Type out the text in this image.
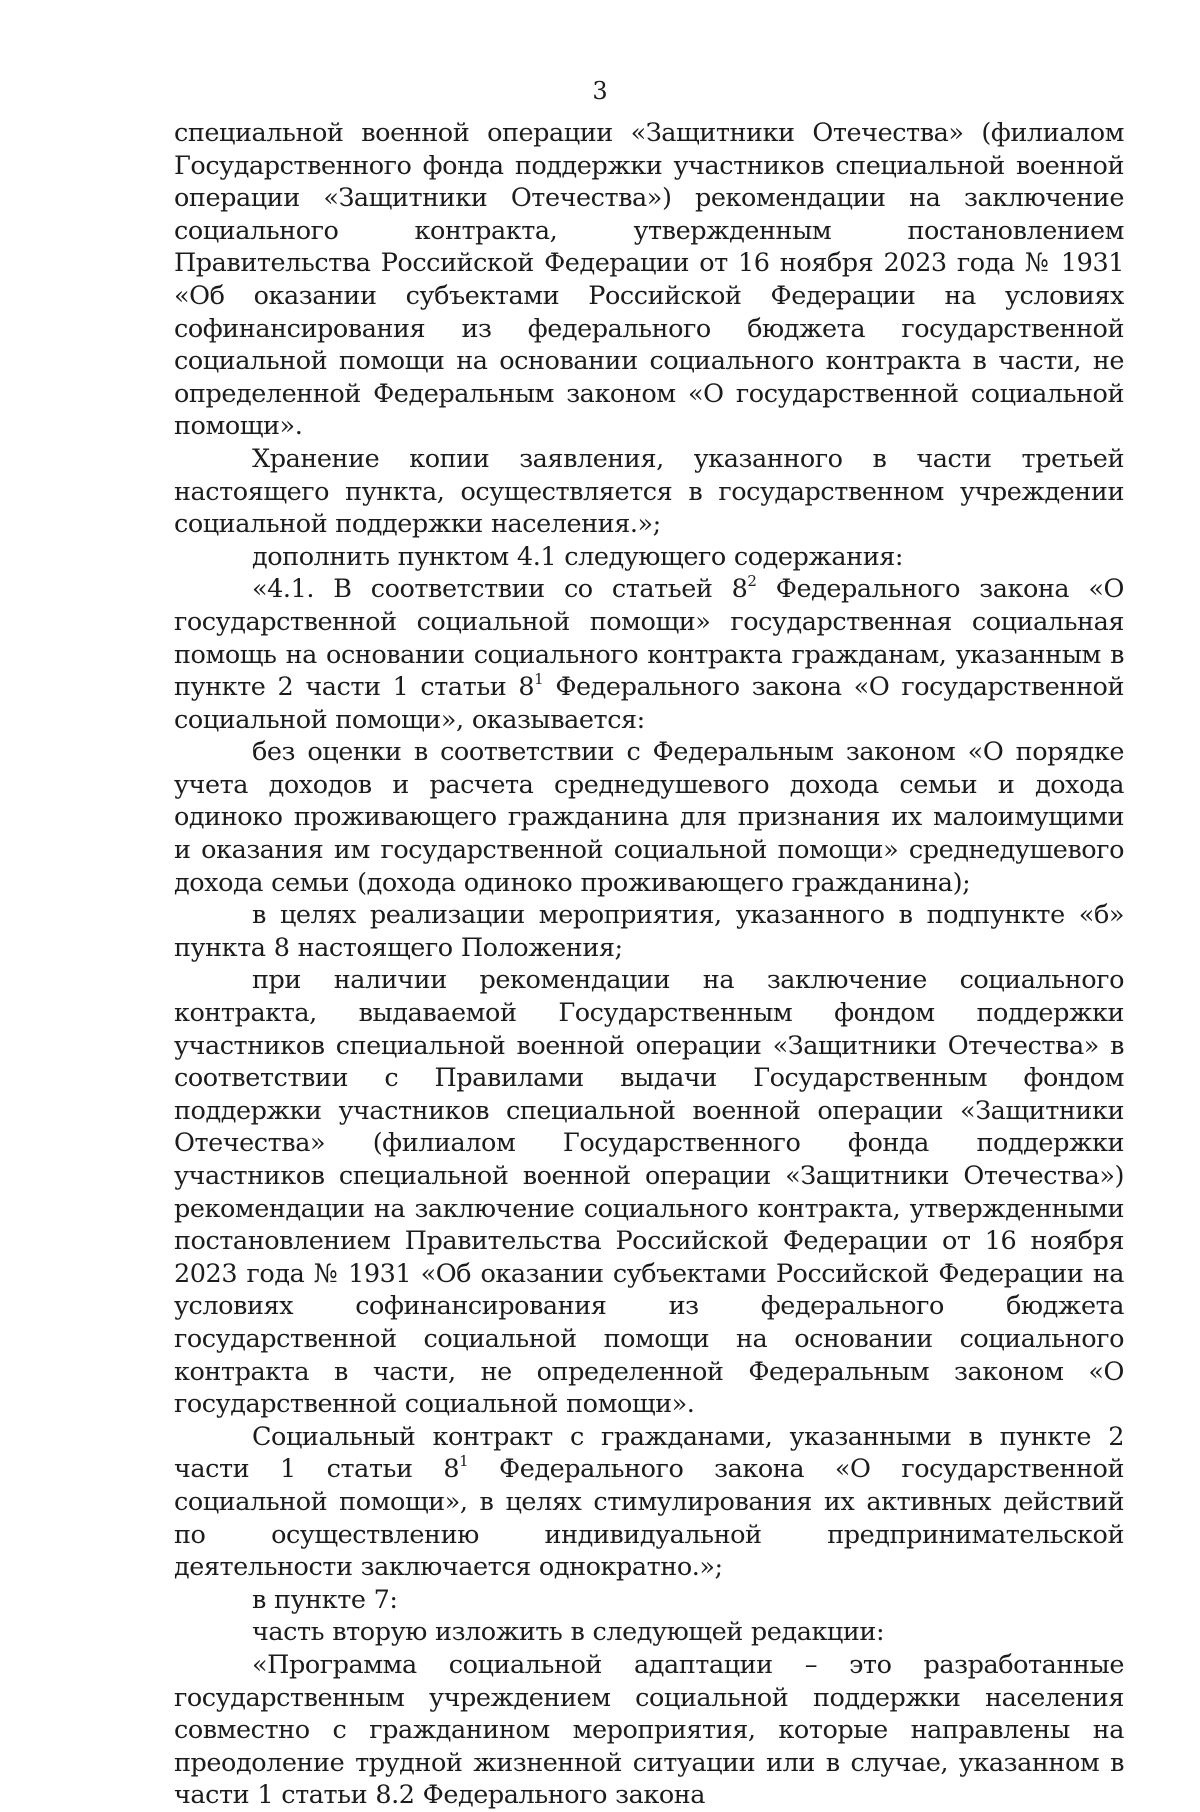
3

специальной военной операции «Защитники Отечества» (филиалом Государственного фонда поддержки участников специальной военной операции «Защитники Отечества») рекомендации на заключение социального контракта, утвержденным постановлением Правительства Российской Федерации от 16 ноября 2023 года № 1931 «Об оказании субъектами Российской Федерации на условиях софинансирования из федерального бюджета государственной социальной помощи на основании социального контракта в части, не определенной Федеральным законом «О государственной социальной помощи».

Хранение копии заявления, указанного в части третьей настоящего пункта, осуществляется в государственном учреждении социальной поддержки населения.»;

дополнить пунктом 4.1 следующего содержания:

«4.1. В соответствии со статьей $8^2$ Федерального закона «О государственной социальной помощи» государственная социальная помощь на основании социального контракта гражданам, указанным в пункте 2 части 1 статьи $8^1$ Федерального закона «О государственной социальной помощи», оказывается:

без оценки в соответствии с Федеральным законом «О порядке учета доходов и расчета среднедушевого дохода семьи и дохода одиноко проживающего гражданина для признания их малоимущими и оказания им государственной социальной помощи» среднедушевого дохода семьи (дохода одиноко проживающего гражданина);

в целях реализации мероприятия, указанного в подпункте «б» пункта 8 настоящего Положения;

при наличии рекомендации на заключение социального контракта, выдаваемой Государственным фондом поддержки участников специальной военной операции «Защитники Отечества» в соответствии с Правилами выдачи Государственным фондом поддержки участников специальной военной операции «Защитники Отечества» (филиалом Государственного фонда поддержки участников специальной военной операции «Защитники Отечества») рекомендации на заключение социального контракта, утвержденными постановлением Правительства Российской Федерации от 16 ноября 2023 года № 1931 «Об оказании субъектами Российской Федерации на условиях софинансирования из федерального бюджета государственной социальной помощи на основании социального контракта в части, не определенной Федеральным законом «О государственной социальной помощи».

Социальный контракт с гражданами, указанными в пункте 2 части 1 статьи $8^1$ Федерального закона «О государственной социальной помощи», в целях стимулирования их активных действий по осуществлению индивидуальной предпринимательской деятельности заключается однократно.»;

в пункте 7:

часть вторую изложить в следующей редакции:

«Программа социальной адаптации – это разработанные государственным учреждением социальной поддержки населения совместно с гражданином мероприятия, которые направлены на преодоление трудной жизненной ситуации или в случае, указанном в части 1 статьи 8.2 Федерального закона
